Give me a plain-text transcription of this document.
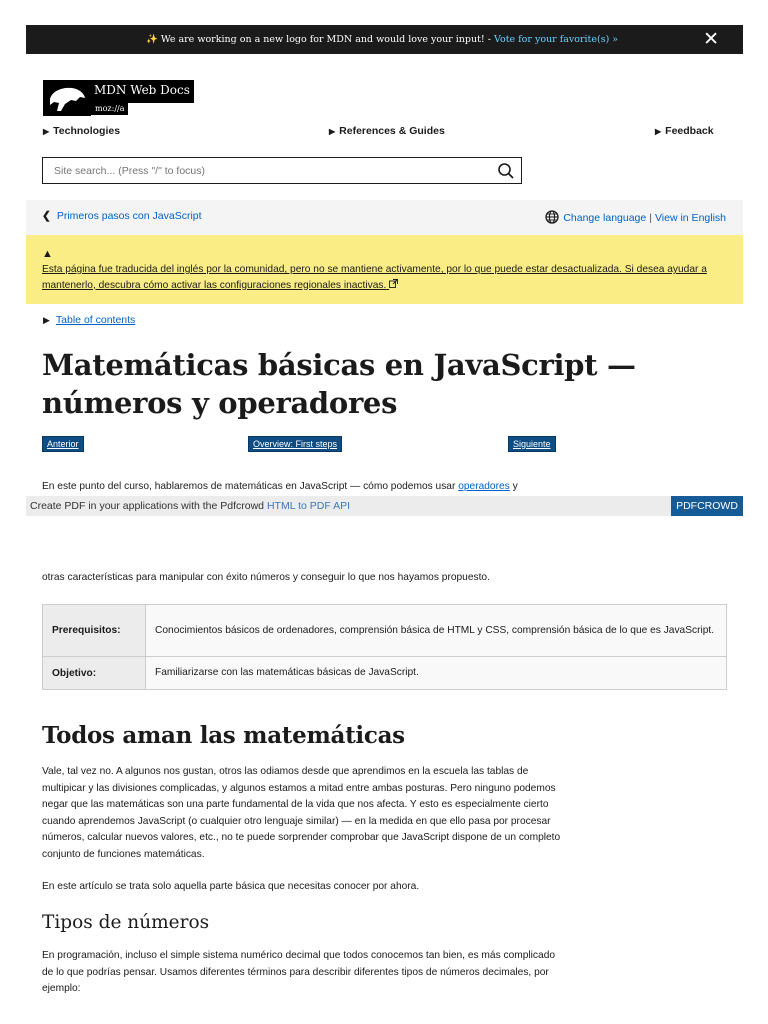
✨ We are working on a new logo for MDN and would love your input! - Vote for your favorite(s) »	✕
MDN Web Docs
moz://a
▶ Technologies	▶ References & Guides	▶ Feedback
Site search... (Press "/" to focus)
❮ Primeros pasos con JavaScript	Change language | View in English
▲
Esta página fue traducida del inglés por la comunidad, pero no se mantiene activamente, por lo que puede estar desactualizada. Si desea ayudar a mantenerlo, descubra cómo activar las configuraciones regionales inactivas.
▶ Table of contents
Matemáticas básicas en JavaScript — números y operadores
Anterior	Overview: First steps	Siguiente
En este punto del curso, hablaremos de matemáticas en JavaScript — cómo podemos usar operadores y
Create PDF in your applications with the Pdfcrowd HTML to PDF API	PDFCROWD
otras características para manipular con éxito números y conseguir lo que nos hayamos propuesto.
Prerequisitos:	Conocimientos básicos de ordenadores, comprensión básica de HTML y CSS, comprensión básica de lo que es JavaScript.
Objetivo:	Familiarizarse con las matemáticas básicas de JavaScript.
Todos aman las matemáticas
Vale, tal vez no. A algunos nos gustan, otros las odiamos desde que aprendimos en la escuela las tablas de multipicar y las divisiones complicadas, y algunos estamos a mitad entre ambas posturas. Pero ninguno podemos negar que las matemáticas son una parte fundamental de la vida que nos afecta. Y esto es especialmente cierto cuando aprendemos JavaScript (o cualquier otro lenguaje similar) — en la medida en que ello pasa por procesar números, calcular nuevos valores, etc., no te puede sorprender comprobar que JavaScript dispone de un completo conjunto de funciones matemáticas.
En este artículo se trata solo aquella parte básica que necesitas conocer por ahora.
Tipos de números
En programación, incluso el simple sistema numérico decimal que todos conocemos tan bien, es más complicado de lo que podrías pensar. Usamos diferentes términos para describir diferentes tipos de números decimales, por ejemplo:
